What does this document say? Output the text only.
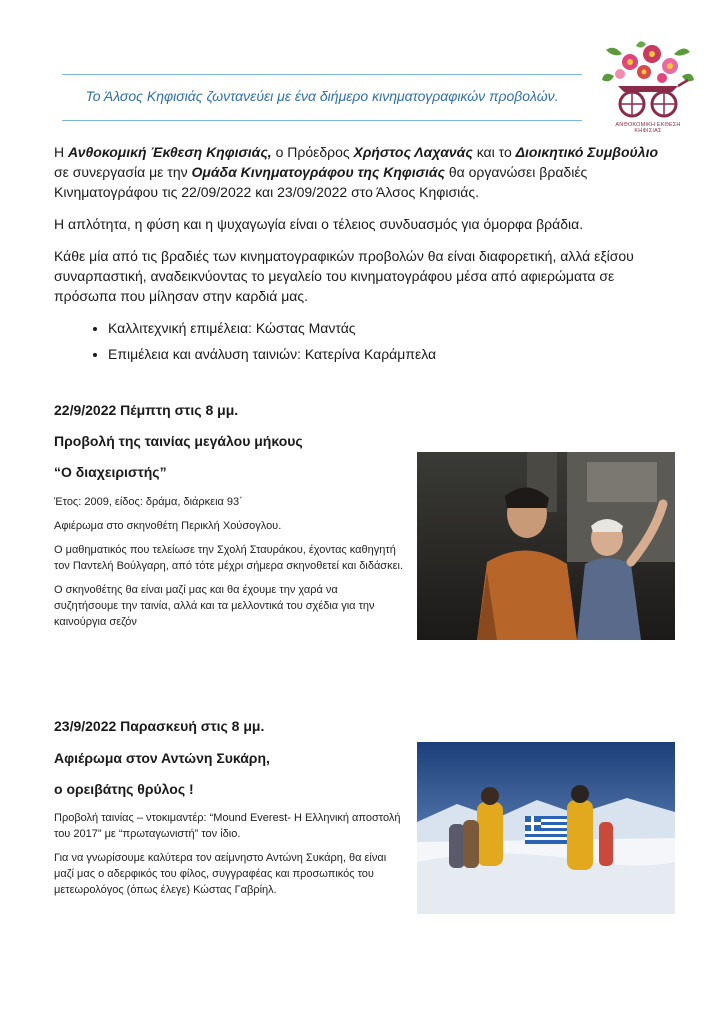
Το Άλσος Κηφισιάς ζωντανεύει με ένα διήμερο κινηματογραφικών προβολών.
ΑΝΘΟΚΟΜΙΚΗ ΕΚΘΕΣΗ
ΚΗΦΙΣΙΑΣ

Η Ανθοκομική Έκθεση Κηφισιάς, ο Πρόεδρος Χρήστος Λαχανάς και το Διοικητικό Συμβούλιο σε συνεργασία με την Ομάδα Κινηματογράφου της Κηφισιάς θα οργανώσει βραδιές Κινηματογράφου τις 22/09/2022 και 23/09/2022 στο Άλσος Κηφισιάς.

Η απλότητα, η φύση και η ψυχαγωγία είναι ο τέλειος συνδυασμός για όμορφα βράδια.

Κάθε μία από τις βραδιές των κινηματογραφικών προβολών θα είναι διαφορετική, αλλά εξίσου συναρπαστική, αναδεικνύοντας το μεγαλείο του κινηματογράφου μέσα από αφιερώματα σε πρόσωπα που μίλησαν στην καρδιά μας.

• Καλλιτεχνική επιμέλεια: Κώστας Μαντάς
• Επιμέλεια και ανάλυση ταινιών: Κατερίνα Καράμπελα
22/9/2022 Πέμπτη στις 8 μμ.
Προβολή της ταινίας μεγάλου μήκους
“Ο διαχειριστής”

Έτος: 2009, είδος: δράμα, διάρκεια 93΄

Αφιέρωμα στο σκηνοθέτη Περικλή Χούσογλου.

Ο μαθηματικός που τελείωσε την Σχολή Σταυράκου, έχοντας καθηγητή τον Παντελή Βούλγαρη, από τότε μέχρι σήμερα σκηνοθετεί και διδάσκει.

Ο σκηνοθέτης θα είναι μαζί μας και θα έχουμε την χαρά να συζητήσουμε την ταινία, αλλά και τα μελλοντικά του σχέδια για την καινούργια σεζόν

23/9/2022 Παρασκευή στις 8 μμ.
Αφιέρωμα στον Αντώνη Συκάρη,
ο ορειβάτης θρύλος !

Προβολή ταινίας – ντοκιμαντέρ: “Mound Everest- Η Ελληνική αποστολή του 2017” με “πρωταγωνιστή” τον ίδιο.

Για να γνωρίσουμε καλύτερα τον αείμνηστο Αντώνη Συκάρη, θα είναι μαζί μας ο αδερφικός του φίλος, συγγραφέας και προσωπικός του μετεωρολόγος (όπως έλεγε) Κώστας Γαβρίηλ.
